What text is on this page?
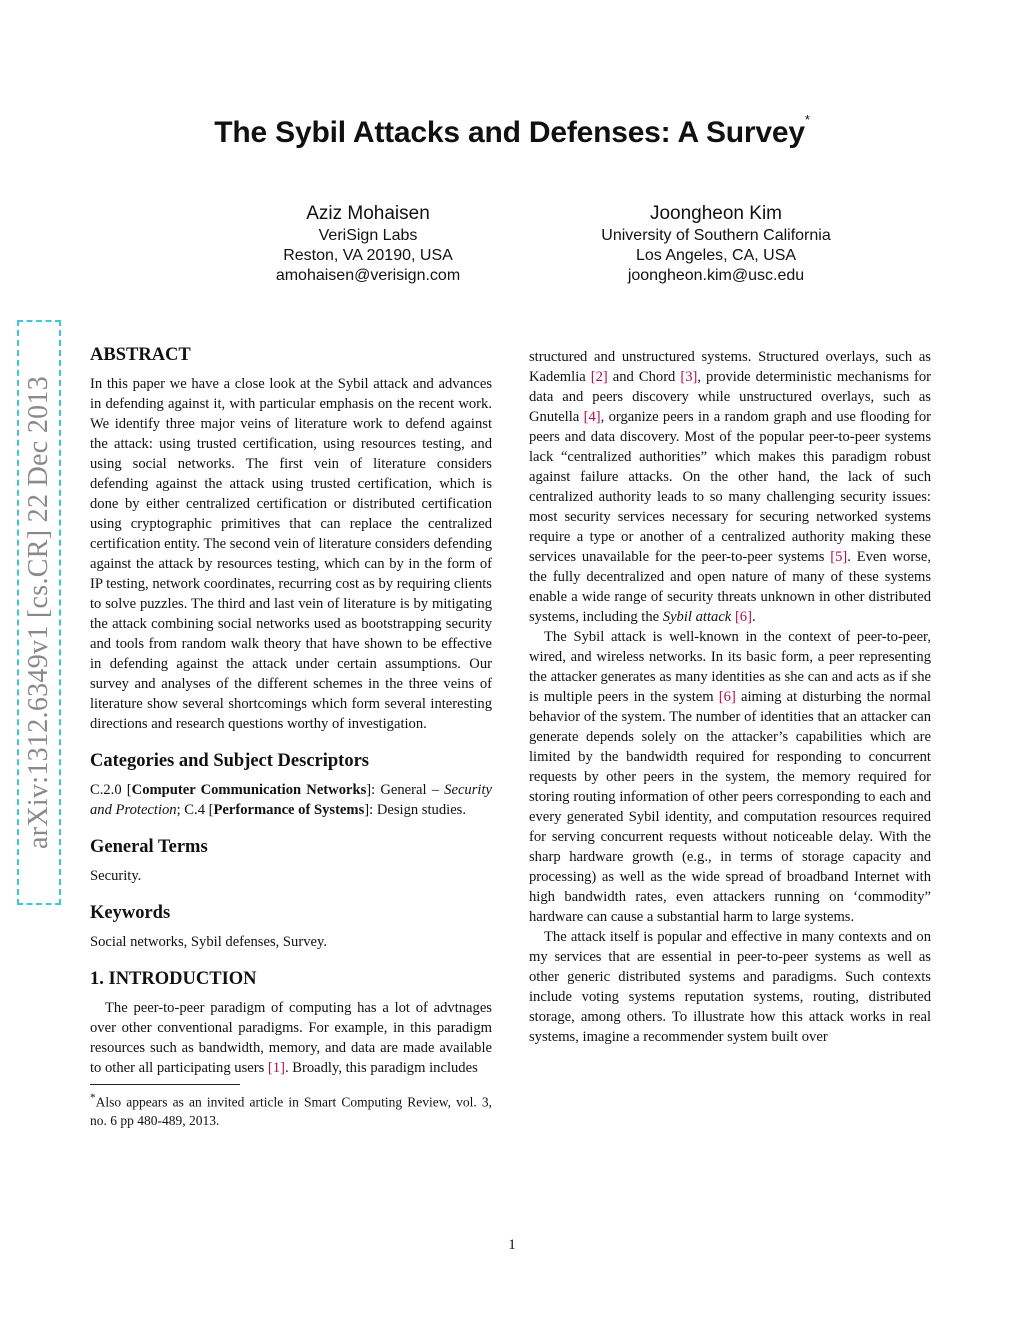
The Sybil Attacks and Defenses: A Survey*
Aziz Mohaisen
VeriSign Labs
Reston, VA 20190, USA
amohaisen@verisign.com
Joongheon Kim
University of Southern California
Los Angeles, CA, USA
joongheon.kim@usc.edu
arXiv:1312.6349v1 [cs.CR] 22 Dec 2013
ABSTRACT

In this paper we have a close look at the Sybil attack and advances in defending against it, with particular emphasis on the recent work. We identify three major veins of literature work to defend against the attack: using trusted certification, using resources testing, and using social networks. The first vein of literature considers defending against the attack using trusted certification, which is done by either centralized certification or distributed certification using cryptographic primitives that can replace the centralized certification entity. The second vein of literature considers defending against the attack by resources testing, which can by in the form of IP testing, network coordinates, recurring cost as by requiring clients to solve puzzles. The third and last vein of literature is by mitigating the attack combining social networks used as bootstrapping security and tools from random walk theory that have shown to be effective in defending against the attack under certain assumptions. Our survey and analyses of the different schemes in the three veins of literature show several shortcomings which form several interesting directions and research questions worthy of investigation.

Categories and Subject Descriptors

C.2.0 [Computer Communication Networks]: General – Security and Protection; C.4 [Performance of Systems]: Design studies.

General Terms

Security.

Keywords

Social networks, Sybil defenses, Survey.

1. INTRODUCTION

The peer-to-peer paradigm of computing has a lot of advtnages over other conventional paradigms. For example, in this paradigm resources such as bandwidth, memory, and data are made available to other all participating users [1]. Broadly, this paradigm includes

*Also appears as an invited article in Smart Computing Review, vol. 3, no. 6 pp 480-489, 2013.

structured and unstructured systems. Structured overlays, such as Kademlia [2] and Chord [3], provide deterministic mechanisms for data and peers discovery while unstructured overlays, such as Gnutella [4], organize peers in a random graph and use flooding for peers and data discovery. Most of the popular peer-to-peer systems lack “centralized authorities” which makes this paradigm robust against failure attacks. On the other hand, the lack of such centralized authority leads to so many challenging security issues: most security services necessary for securing networked systems require a type or another of a centralized authority making these services unavailable for the peer-to-peer systems [5]. Even worse, the fully decentralized and open nature of many of these systems enable a wide range of security threats unknown in other distributed systems, including the Sybil attack [6].

The Sybil attack is well-known in the context of peer-to-peer, wired, and wireless networks. In its basic form, a peer representing the attacker generates as many identities as she can and acts as if she is multiple peers in the system [6] aiming at disturbing the normal behavior of the system. The number of identities that an attacker can generate depends solely on the attacker’s capabilities which are limited by the bandwidth required for responding to concurrent requests by other peers in the system, the memory required for storing routing information of other peers corresponding to each and every generated Sybil identity, and computation resources required for serving concurrent requests without noticeable delay. With the sharp hardware growth (e.g., in terms of storage capacity and processing) as well as the wide spread of broadband Internet with high bandwidth rates, even attackers running on ‘commodity” hardware can cause a substantial harm to large systems.

The attack itself is popular and effective in many contexts and on my services that are essential in peer-to-peer systems as well as other generic distributed systems and paradigms. Such contexts include voting systems reputation systems, routing, distributed storage, among others. To illustrate how this attack works in real systems, imagine a recommender system built over

1
